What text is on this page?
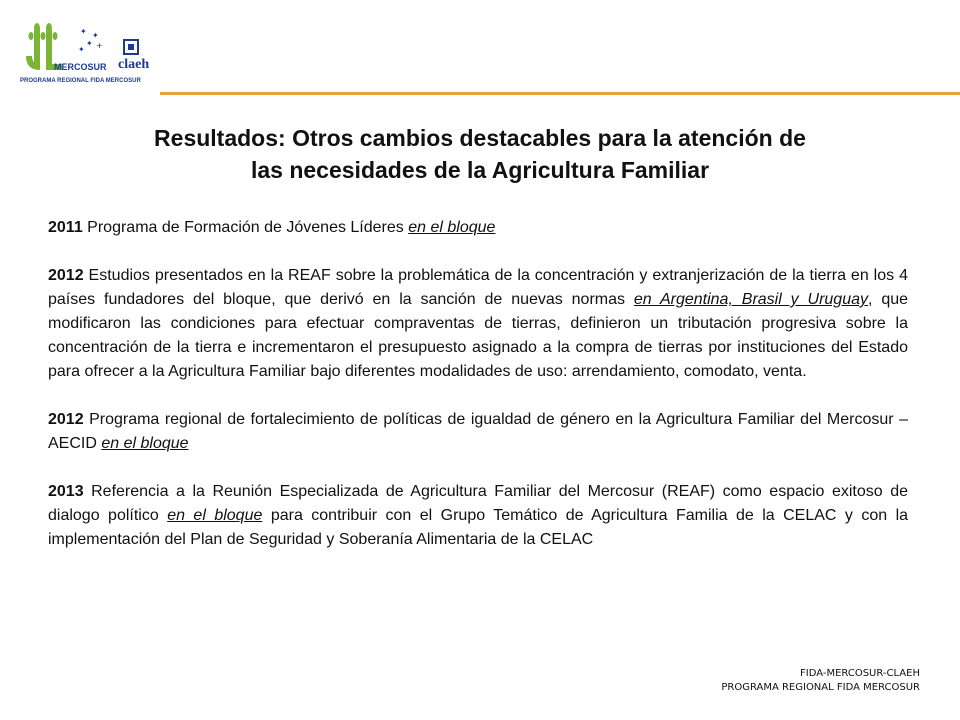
✦ ✦
✦
✦ +
MERCOSUR claeh
PROGRAMA REGIONAL FIDA MERCOSUR
Resultados: Otros cambios destacables para la atención de
las necesidades de la Agricultura Familiar

2011 Programa de Formación de Jóvenes Líderes en el bloque

2012 Estudios presentados en la REAF sobre la problemática de la concentración y extranjerización de la tierra en los 4 países fundadores del bloque, que derivó en la sanción de nuevas normas en Argentina, Brasil y Uruguay, que modificaron las condiciones para efectuar compraventas de tierras, definieron un tributación progresiva sobre la concentración de la tierra e incrementaron el presupuesto asignado a la compra de tierras por instituciones del Estado para ofrecer a la Agricultura Familiar bajo diferentes modalidades de uso: arrendamiento, comodato, venta.

2012 Programa regional de fortalecimiento de políticas de igualdad de género en la Agricultura Familiar del Mercosur – AECID en el bloque

2013 Referencia a la Reunión Especializada de Agricultura Familiar del Mercosur (REAF) como espacio exitoso de dialogo político en el bloque para contribuir con el Grupo Temático de Agricultura Familia de la CELAC y con la implementación del Plan de Seguridad y Soberanía Alimentaria de la CELAC

FIDA-MERCOSUR-CLAEH
PROGRAMA REGIONAL FIDA MERCOSUR
